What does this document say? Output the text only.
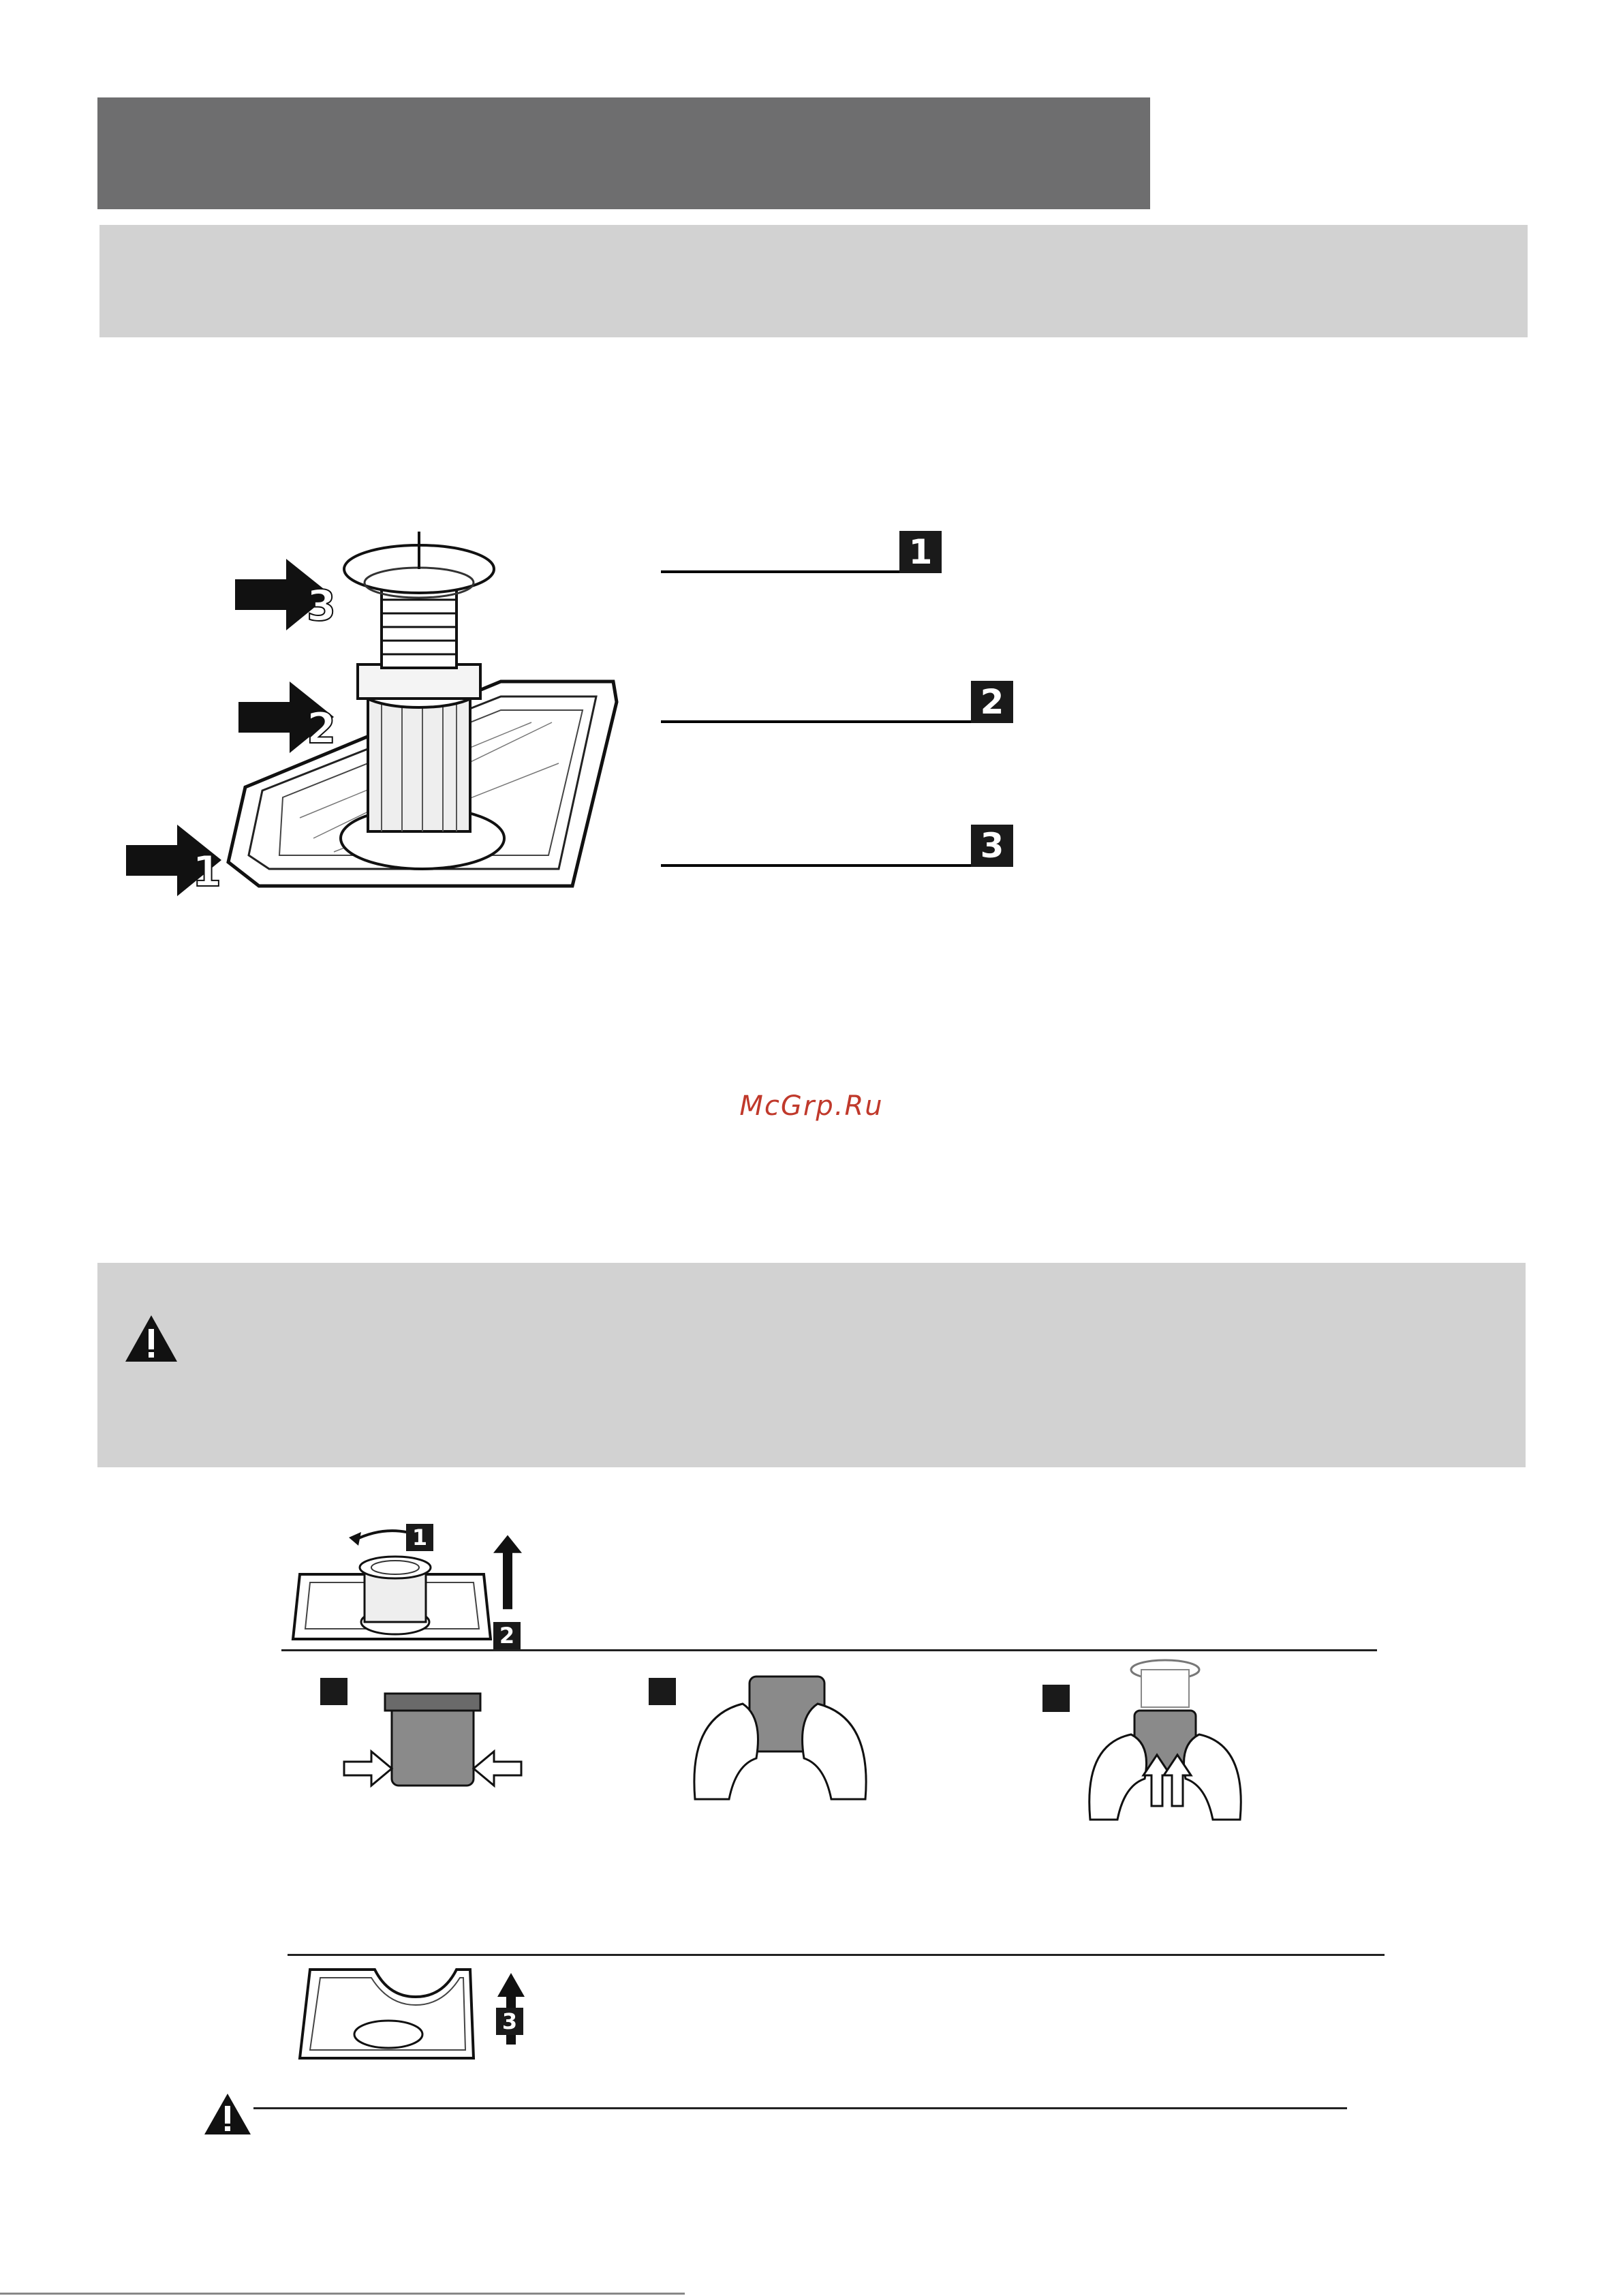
3
2
1
1
2
3
McGrp.Ru
1
2
3
